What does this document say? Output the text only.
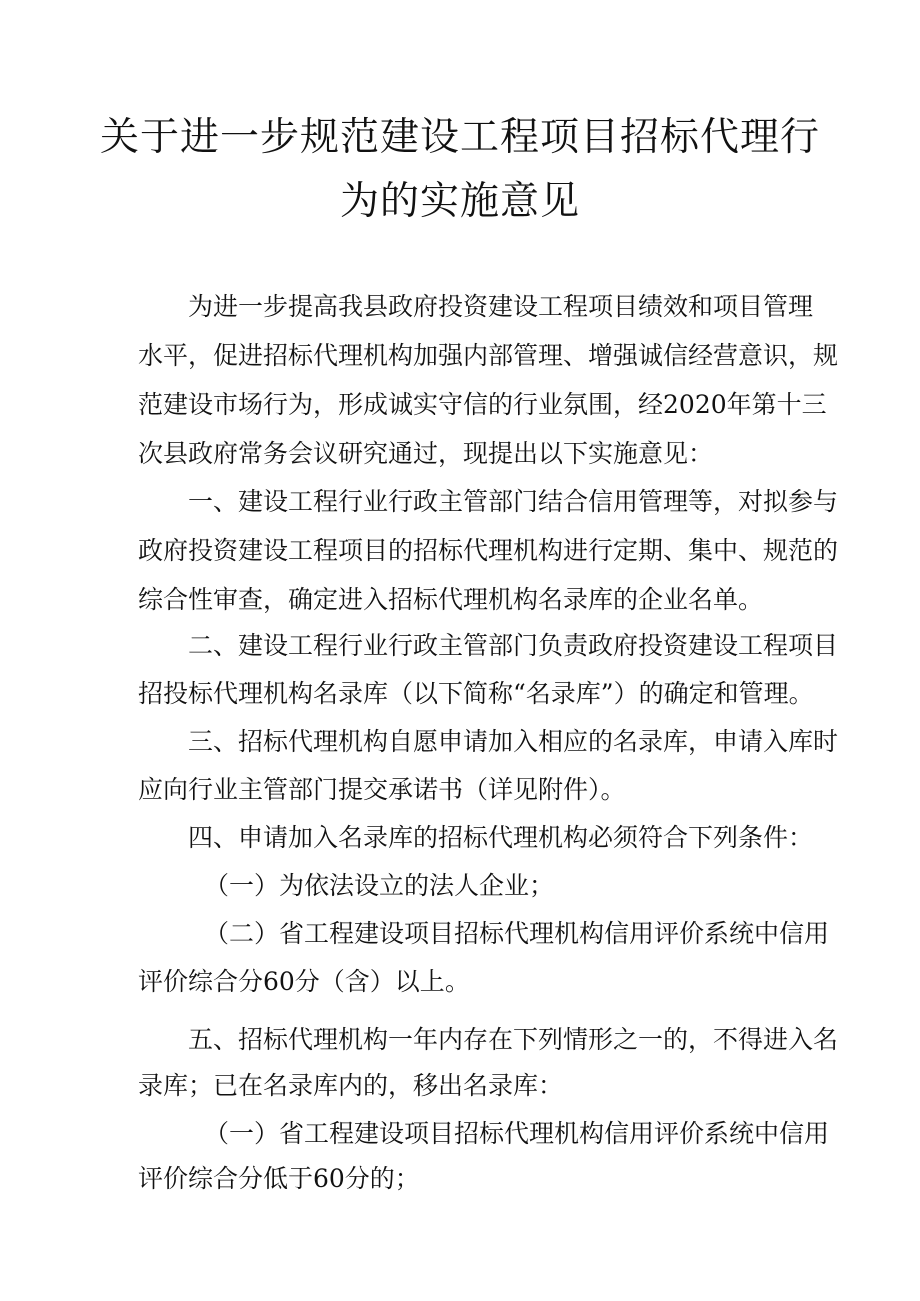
关于进一步规范建设工程项目招标代理行
为的实施意见
为进一步提高我县政府投资建设工程项目绩效和项目管理
水平，促进招标代理机构加强内部管理、增强诚信经营意识，规
范建设市场行为，形成诚实守信的行业氛围，经2020年第十三
次县政府常务会议研究通过，现提出以下实施意见：
一、建设工程行业行政主管部门结合信用管理等，对拟参与
政府投资建设工程项目的招标代理机构进行定期、集中、规范的
综合性审查，确定进入招标代理机构名录库的企业名单。
二、建设工程行业行政主管部门负责政府投资建设工程项目
招投标代理机构名录库（以下简称“名录库”）的确定和管理。
三、招标代理机构自愿申请加入相应的名录库，申请入库时
应向行业主管部门提交承诺书（详见附件）。
四、申请加入名录库的招标代理机构必须符合下列条件：
（一）为依法设立的法人企业；
（二）省工程建设项目招标代理机构信用评价系统中信用
评价综合分60分（含）以上。
五、招标代理机构一年内存在下列情形之一的，不得进入名
录库；已在名录库内的，移出名录库：
（一）省工程建设项目招标代理机构信用评价系统中信用
评价综合分低于60分的；
